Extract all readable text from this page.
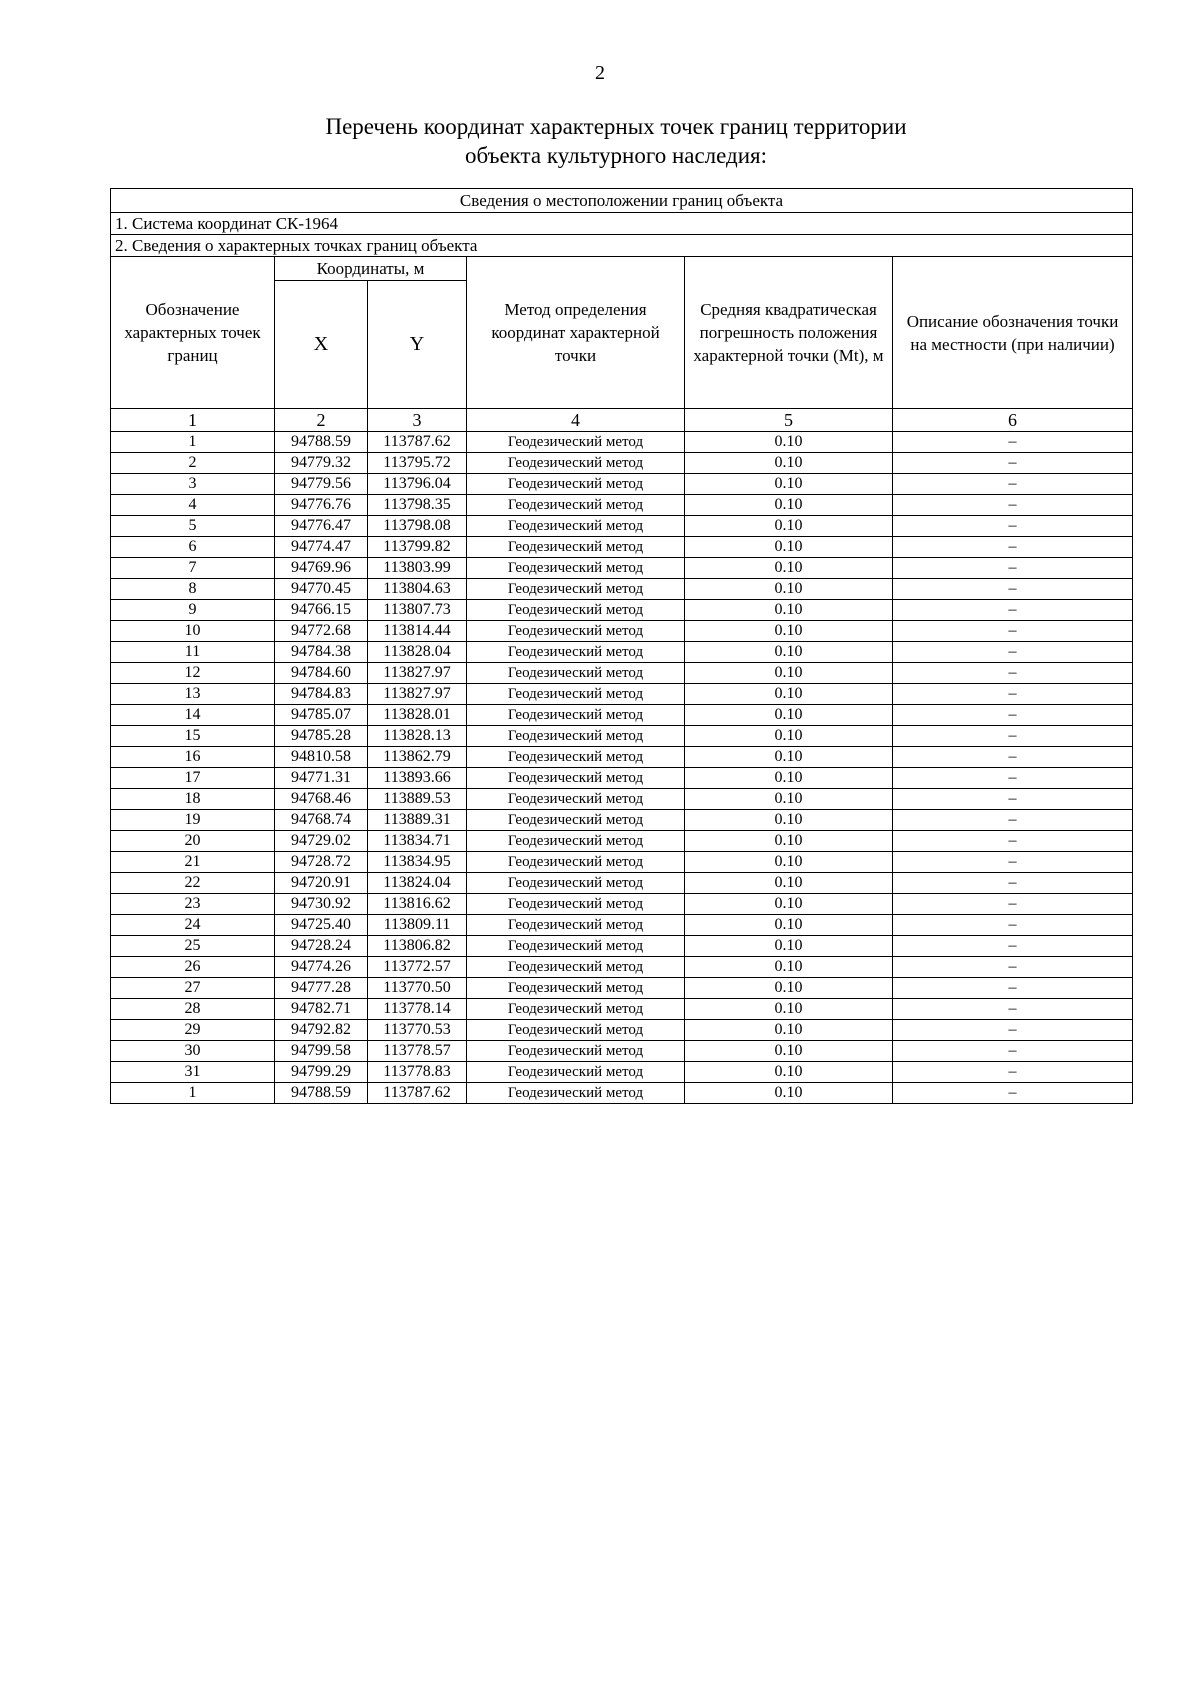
2
Перечень координат характерных точек границ территории
объекта культурного наследия:
Сведения о местоположении границ объекта					
1. Система координат СК-1964					
2. Сведения о характерных точках границ объекта					
Обозначение характерных точек границ	Координаты, м		Метод определения координат характерной точки	Средняя квадратическая погрешность положения характерной точки (Mt), м	Описание обозначения точки на местности (при наличии)
	X	Y			
1	2	3	4	5	6
1	94788.59	113787.62	Геодезический метод	0.10	–
2	94779.32	113795.72	Геодезический метод	0.10	–
3	94779.56	113796.04	Геодезический метод	0.10	–
4	94776.76	113798.35	Геодезический метод	0.10	–
5	94776.47	113798.08	Геодезический метод	0.10	–
6	94774.47	113799.82	Геодезический метод	0.10	–
7	94769.96	113803.99	Геодезический метод	0.10	–
8	94770.45	113804.63	Геодезический метод	0.10	–
9	94766.15	113807.73	Геодезический метод	0.10	–
10	94772.68	113814.44	Геодезический метод	0.10	–
11	94784.38	113828.04	Геодезический метод	0.10	–
12	94784.60	113827.97	Геодезический метод	0.10	–
13	94784.83	113827.97	Геодезический метод	0.10	–
14	94785.07	113828.01	Геодезический метод	0.10	–
15	94785.28	113828.13	Геодезический метод	0.10	–
16	94810.58	113862.79	Геодезический метод	0.10	–
17	94771.31	113893.66	Геодезический метод	0.10	–
18	94768.46	113889.53	Геодезический метод	0.10	–
19	94768.74	113889.31	Геодезический метод	0.10	–
20	94729.02	113834.71	Геодезический метод	0.10	–
21	94728.72	113834.95	Геодезический метод	0.10	–
22	94720.91	113824.04	Геодезический метод	0.10	–
23	94730.92	113816.62	Геодезический метод	0.10	–
24	94725.40	113809.11	Геодезический метод	0.10	–
25	94728.24	113806.82	Геодезический метод	0.10	–
26	94774.26	113772.57	Геодезический метод	0.10	–
27	94777.28	113770.50	Геодезический метод	0.10	–
28	94782.71	113778.14	Геодезический метод	0.10	–
29	94792.82	113770.53	Геодезический метод	0.10	–
30	94799.58	113778.57	Геодезический метод	0.10	–
31	94799.29	113778.83	Геодезический метод	0.10	–
1	94788.59	113787.62	Геодезический метод	0.10	–
